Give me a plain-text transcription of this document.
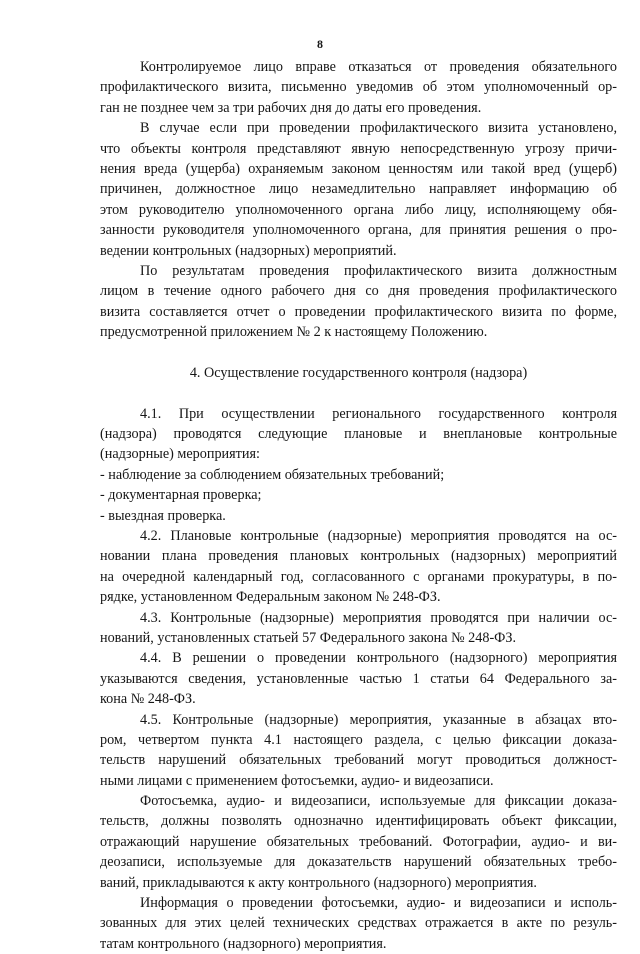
8
Контролируемое лицо вправе отказаться от проведения обязательного
профилактического визита, письменно уведомив об этом уполномоченный ор-
ган не позднее чем за три рабочих дня до даты его проведения.
В случае если при проведении профилактического визита установлено,
что объекты контроля представляют явную непосредственную угрозу причи-
нения вреда (ущерба) охраняемым законом ценностям или такой вред (ущерб)
причинен, должностное лицо незамедлительно направляет информацию об
этом руководителю уполномоченного органа либо лицу, исполняющему обя-
занности руководителя уполномоченного органа, для принятия решения о про-
ведении контрольных (надзорных) мероприятий.
По результатам проведения профилактического визита должностным
лицом в течение одного рабочего дня со дня проведения профилактического
визита составляется отчет о проведении профилактического визита по форме,
предусмотренной приложением № 2 к настоящему Положению.
4. Осуществление государственного контроля (надзора)
4.1. При осуществлении регионального государственного контроля
(надзора) проводятся следующие плановые и внеплановые контрольные
(надзорные) мероприятия:
- наблюдение за соблюдением обязательных требований;
- документарная проверка;
- выездная проверка.
4.2. Плановые контрольные (надзорные) мероприятия проводятся на ос-
новании плана проведения плановых контрольных (надзорных) мероприятий
на очередной календарный год, согласованного с органами прокуратуры, в по-
рядке, установленном Федеральным законом № 248-ФЗ.
4.3. Контрольные (надзорные) мероприятия проводятся при наличии ос-
нований, установленных статьей 57 Федерального закона № 248-ФЗ.
4.4. В решении о проведении контрольного (надзорного) мероприятия
указываются сведения, установленные частью 1 статьи 64 Федерального за-
кона № 248-ФЗ.
4.5. Контрольные (надзорные) мероприятия, указанные в абзацах вто-
ром, четвертом пункта 4.1 настоящего раздела, с целью фиксации доказа-
тельств нарушений обязательных требований могут проводиться должност-
ными лицами с применением фотосъемки, аудио- и видеозаписи.
Фотосъемка, аудио- и видеозаписи, используемые для фиксации доказа-
тельств, должны позволять однозначно идентифицировать объект фиксации,
отражающий нарушение обязательных требований. Фотографии, аудио- и ви-
деозаписи, используемые для доказательств нарушений обязательных требо-
ваний, прикладываются к акту контрольного (надзорного) мероприятия.
Информация о проведении фотосъемки, аудио- и видеозаписи и исполь-
зованных для этих целей технических средствах отражается в акте по резуль-
татам контрольного (надзорного) мероприятия.
